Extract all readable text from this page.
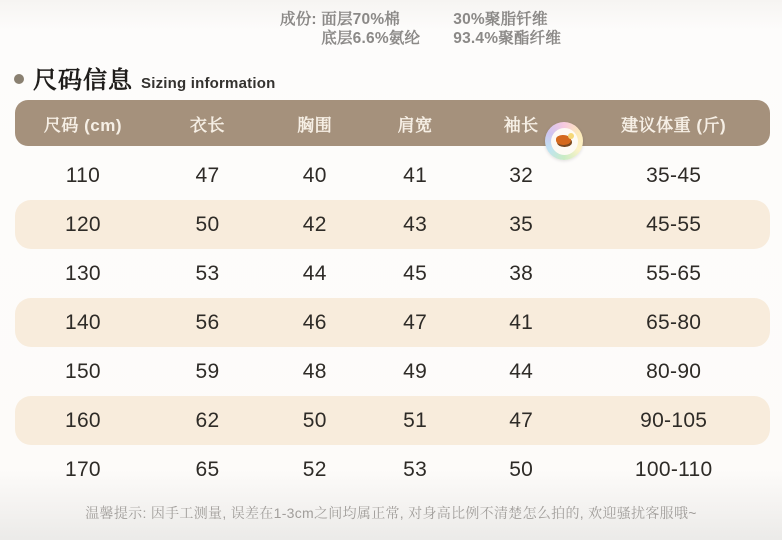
成份: 面层70%棉	30%聚脂钎维
底层6.6%氨纶	93.4%聚酯纤维
尺码信息 Sizing information
尺码 (cm)	衣长	胸围	肩宽	袖长	建议体重 (斤)
110	47	40	41	32	35-45
120	50	42	43	35	45-55
130	53	44	45	38	55-65
140	56	46	47	41	65-80
150	59	48	49	44	80-90
160	62	50	51	47	90-105
170	65	52	53	50	100-110
温馨提示: 因手工测量, 误差在1-3cm之间均属正常, 对身高比例不清楚怎么拍的, 欢迎骚扰客服哦~
